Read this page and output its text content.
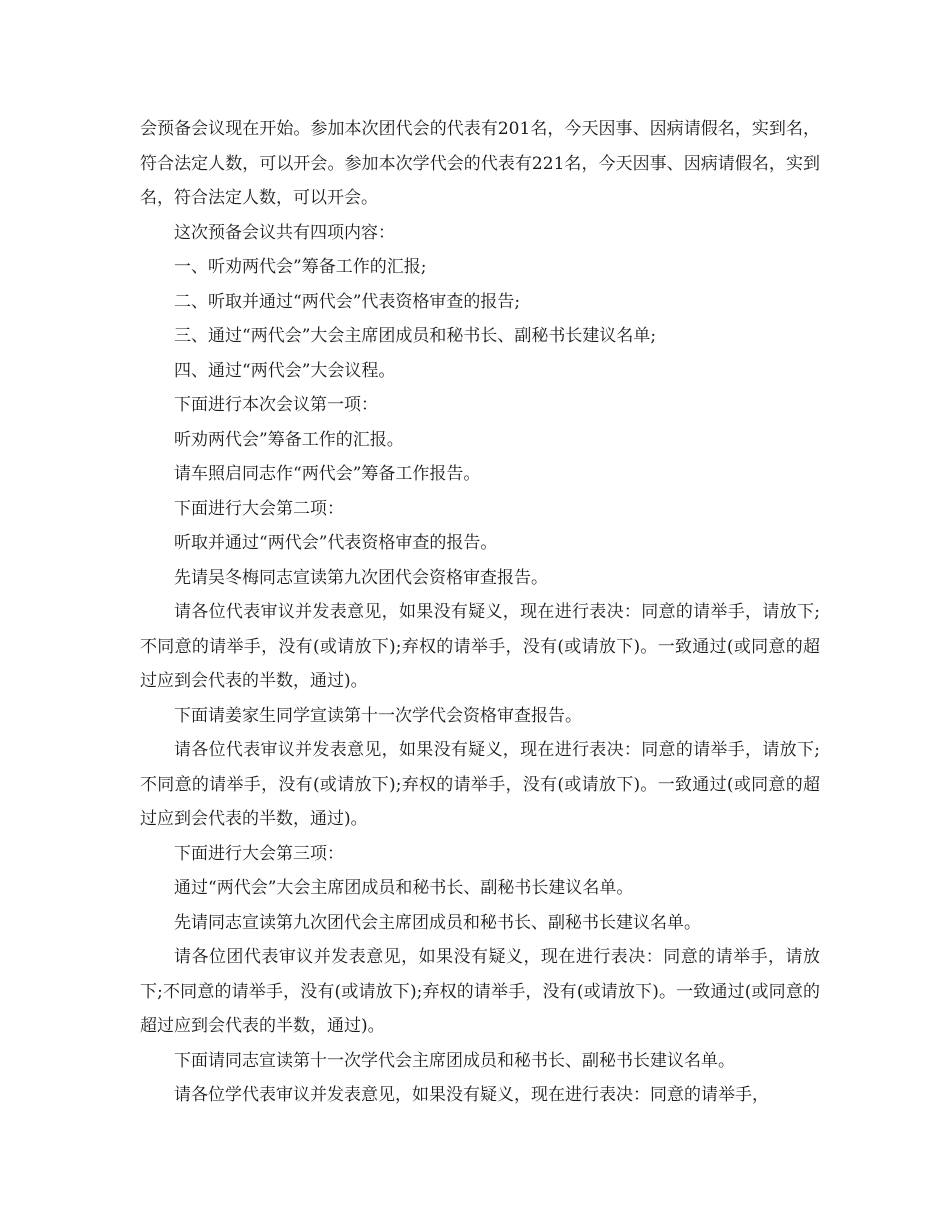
会预备会议现在开始。参加本次团代会的代表有201名，今天因事、因病请假名，实到名，符合法定人数，可以开会。参加本次学代会的代表有221名，今天因事、因病请假名，实到名，符合法定人数，可以开会。

这次预备会议共有四项内容：

一、听劝两代会”筹备工作的汇报;

二、听取并通过“两代会”代表资格审查的报告;

三、通过“两代会”大会主席团成员和秘书长、副秘书长建议名单;

四、通过“两代会”大会议程。

下面进行本次会议第一项：

听劝两代会”筹备工作的汇报。

请车照启同志作“两代会”筹备工作报告。

下面进行大会第二项：

听取并通过“两代会”代表资格审查的报告。

先请吴冬梅同志宣读第九次团代会资格审查报告。

请各位代表审议并发表意见，如果没有疑义，现在进行表决：同意的请举手，请放下;不同意的请举手，没有(或请放下);弃权的请举手，没有(或请放下)。一致通过(或同意的超过应到会代表的半数，通过)。

下面请姜家生同学宣读第十一次学代会资格审查报告。

请各位代表审议并发表意见，如果没有疑义，现在进行表决：同意的请举手，请放下;不同意的请举手，没有(或请放下);弃权的请举手，没有(或请放下)。一致通过(或同意的超过应到会代表的半数，通过)。

下面进行大会第三项：

通过“两代会”大会主席团成员和秘书长、副秘书长建议名单。

先请同志宣读第九次团代会主席团成员和秘书长、副秘书长建议名单。

请各位团代表审议并发表意见，如果没有疑义，现在进行表决：同意的请举手，请放下;不同意的请举手，没有(或请放下);弃权的请举手，没有(或请放下)。一致通过(或同意的超过应到会代表的半数，通过)。

下面请同志宣读第十一次学代会主席团成员和秘书长、副秘书长建议名单。

请各位学代表审议并发表意见，如果没有疑义，现在进行表决：同意的请举手，
